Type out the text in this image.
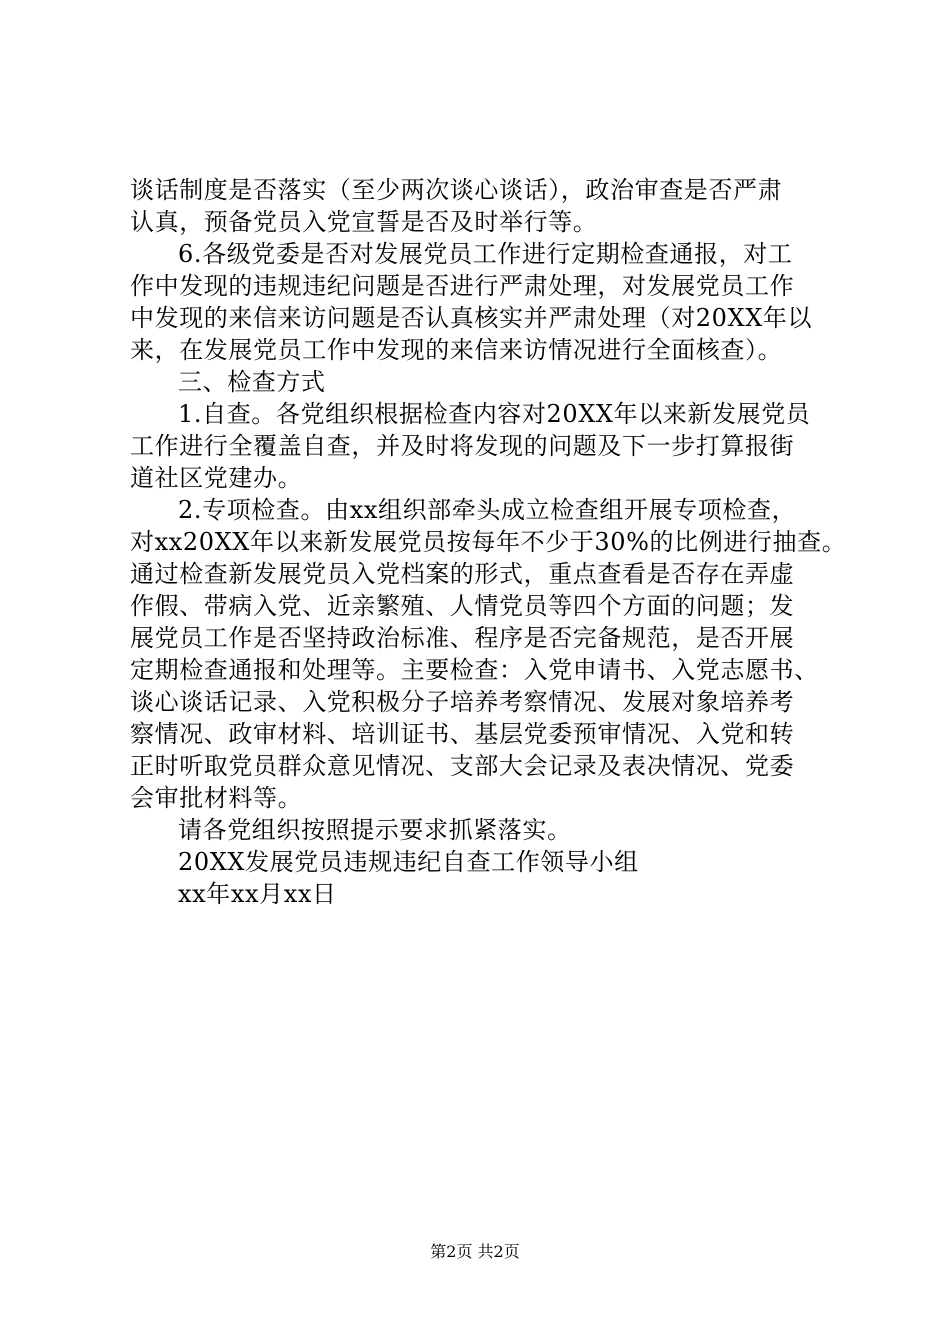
谈话制度是否落实（至少两次谈心谈话），政治审查是否严肃
认真，预备党员入党宣誓是否及时举行等。
6.各级党委是否对发展党员工作进行定期检查通报，对工
作中发现的违规违纪问题是否进行严肃处理，对发展党员工作
中发现的来信来访问题是否认真核实并严肃处理（对20XX年以
来，在发展党员工作中发现的来信来访情况进行全面核查）。
三、检查方式
1.自查。各党组织根据检查内容对20XX年以来新发展党员
工作进行全覆盖自查，并及时将发现的问题及下一步打算报街
道社区党建办。
2.专项检查。由xx组织部牵头成立检查组开展专项检查，
对xx20XX年以来新发展党员按每年不少于30%的比例进行抽查。
通过检查新发展党员入党档案的形式，重点查看是否存在弄虚
作假、带病入党、近亲繁殖、人情党员等四个方面的问题；发
展党员工作是否坚持政治标准、程序是否完备规范，是否开展
定期检查通报和处理等。主要检查：入党申请书、入党志愿书、
谈心谈话记录、入党积极分子培养考察情况、发展对象培养考
察情况、政审材料、培训证书、基层党委预审情况、入党和转
正时听取党员群众意见情况、支部大会记录及表决情况、党委
会审批材料等。
请各党组织按照提示要求抓紧落实。
20XX发展党员违规违纪自查工作领导小组
xx年xx月xx日
第2页 共2页
